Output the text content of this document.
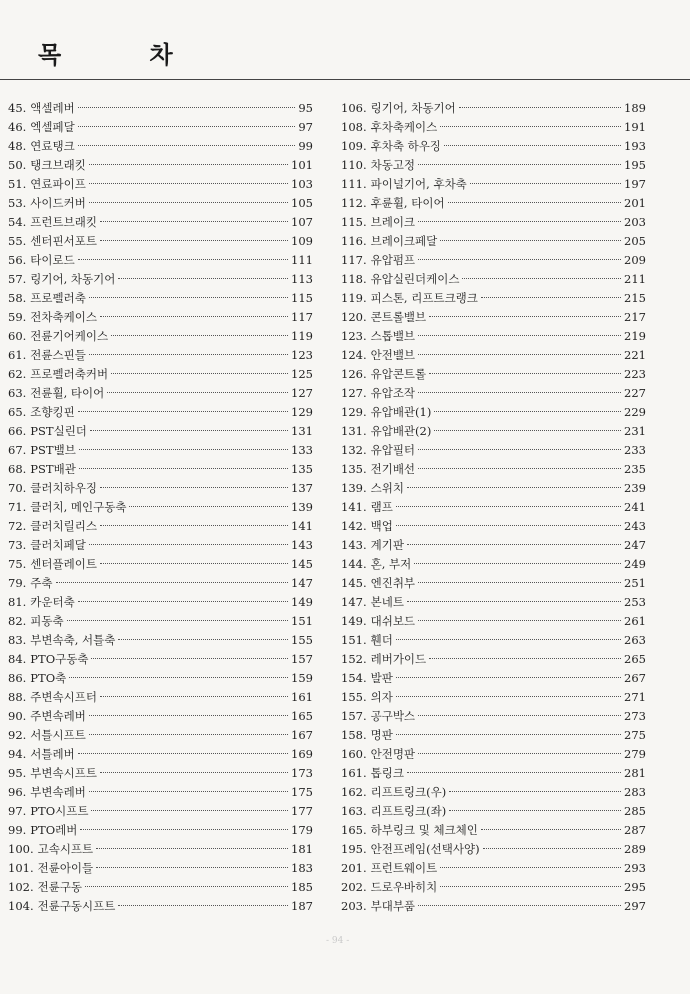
목 차
45. 액셀레버	95
46. 엑셀페달	97
48. 연료탱크	99
50. 탱크브래킷	101
51. 연료파이프	103
53. 사이드커버	105
54. 프런트브래킷	107
55. 센터핀서포트	109
56. 타이로드	111
57. 링기어, 차동기어	113
58. 프로펠러축	115
59. 전차축케이스	117
60. 전륜기어케이스	119
61. 전륜스핀들	123
62. 프로펠러축커버	125
63. 전륜휠, 타이어	127
65. 조향킹핀	129
66. PST실린더	131
67. PST밸브	133
68. PST배관	135
70. 클러치하우징	137
71. 클러치, 메인구동축	139
72. 클러치릴리스	141
73. 클러치페달	143
75. 센터플레이트	145
79. 주축	147
81. 카운터축	149
82. 피동축	151
83. 부변속축, 서틀축	155
84. PTO구동축	157
86. PTO축	159
88. 주변속시프터	161
90. 주변속레버	165
92. 서틀시프트	167
94. 서틀레버	169
95. 부변속시프트	173
96. 부변속레버	175
97. PTO시프트	177
99. PTO레버	179
100. 고속시프트	181
101. 전륜아이들	183
102. 전륜구동	185
104. 전륜구동시프트	187
106. 링기어, 차동기어	189
108. 후차축케이스	191
109. 후차축 하우징	193
110. 차동고정	195
111. 파이널기어, 후차축	197
112. 후륜휠, 타이어	201
115. 브레이크	203
116. 브레이크페달	205
117. 유압펌프	209
118. 유압실린더케이스	211
119. 피스톤, 리프트크랭크	215
120. 콘트롤밸브	217
123. 스톱밸브	219
124. 안전밸브	221
126. 유압콘트롤	223
127. 유압조작	227
129. 유압배관(1)	229
131. 유압배관(2)	231
132. 유압필터	233
135. 전기배선	235
139. 스위치	239
141. 램프	241
142. 백업	243
143. 계기판	247
144. 혼, 부저	249
145. 엔진취부	251
147. 본네트	253
149. 대쉬보드	261
151. 휀더	263
152. 레버가이드	265
154. 발판	267
155. 의자	271
157. 공구박스	273
158. 명판	275
160. 안전명판	279
161. 톱링크	281
162. 리프트링크(우)	283
163. 리프트링크(좌)	285
165. 하부링크 및 체크체인	287
195. 안전프레임(선택사양)	289
201. 프런트웨이트	293
202. 드로우바히치	295
203. 부대부품	297
- 94 -
